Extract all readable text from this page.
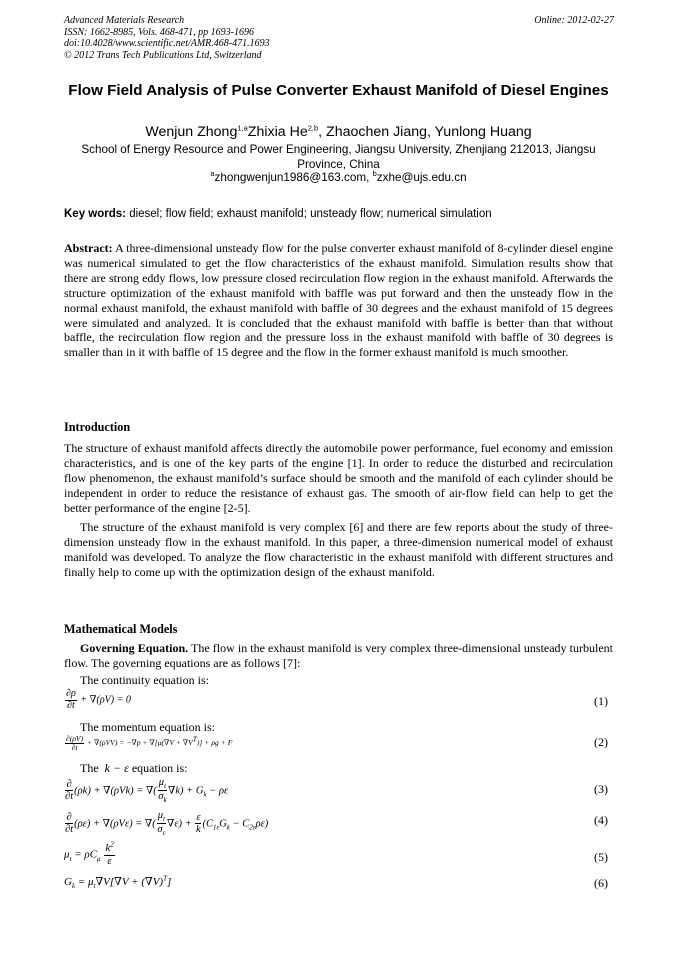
Advanced Materials Research
ISSN: 1662-8985, Vols. 468-471, pp 1693-1696
doi:10.4028/www.scientific.net/AMR.468-471.1693
© 2012 Trans Tech Publications Ltd, Switzerland
Online: 2012-02-27
Flow Field Analysis of Pulse Converter Exhaust Manifold of Diesel Engines
Wenjun Zhong$^{1,a}$Zhixia He$^{2,b}$, Zhaochen Jiang, Yunlong Huang
School of Energy Resource and Power Engineering, Jiangsu University, Zhenjiang 212013, Jiangsu Province, China
$^a$zhongwenjun1986@163.com, $^b$zxhe@ujs.edu.cn
Key words: diesel; flow field; exhaust manifold; unsteady flow; numerical simulation
Abstract: A three-dimensional unsteady flow for the pulse converter exhaust manifold of 8-cylinder diesel engine was numerical simulated to get the flow characteristics of the exhaust manifold. Simulation results show that there are strong eddy flows, low pressure closed recirculation flow region in the exhaust manifold. Afterwards the structure optimization of the exhaust manifold with baffle was put forward and then the unsteady flow in the normal exhaust manifold, the exhaust manifold with baffle of 30 degrees and the exhaust manifold of 15 degrees were simulated and analyzed. It is concluded that the exhaust manifold with baffle is better than that without baffle, the recirculation flow region and the pressure loss in the exhaust manifold with baffle of 30 degrees is smaller than in it with baffle of 15 degree and the flow in the former exhaust manifold is much smoother.
Introduction
The structure of exhaust manifold affects directly the automobile power performance, fuel economy and emission characteristics, and is one of the key parts of the engine [1]. In order to reduce the disturbed and recirculation flow phenomenon, the exhaust manifold’s surface should be smooth and the manifold of each cylinder should be independent in order to reduce the resistance of exhaust gas. The smooth of air-flow field can help to get the better performance of the engine [2-5].
The structure of the exhaust manifold is very complex [6] and there are few reports about the study of three-dimension unsteady flow in the exhaust manifold. In this paper, a three-dimension numerical model of exhaust manifold was developed. To analyze the flow characteristic in the exhaust manifold with different structures and finally help to come up with the optimization design of the exhaust manifold.
Mathematical Models
Governing Equation. The flow in the exhaust manifold is very complex three-dimensional unsteady turbulent flow. The governing equations are as follows [7]:
The continuity equation is:
$\frac{\partial\rho}{\partial t} + \nabla(\rho V) = 0$	(1)
The momentum equation is:
$\frac{\partial(\rho V)}{\partial t} + \nabla(\rho VV) = -\nabla p + \nabla[\mu(\nabla V + \nabla V^T)] + \rho g + F$	(2)
The k − ε equation is:
$\frac{\partial}{\partial t} (\rho k) + \nabla(\rho Vk)$ = ∇( $\frac{\mu_t}{\sigma_k} \nabla k) + G_k - \rho\varepsilon$	(3)
$\frac{\partial}{\partial t} (\rho\varepsilon) + \nabla(\rho V\varepsilon)$ = ∇( $\frac{\mu_t}{\sigma_\varepsilon} \nabla\varepsilon) + \frac{\varepsilon}{k} (C_{1\varepsilon}G_k - C_{2\varepsilon}\rho\varepsilon)$	(4)
$\mu_t = \rho C_\mu \frac{k^2}{\varepsilon}$	(5)
$G_k = \mu_t\nabla V[\nabla V + (\nabla V)^T]$	(6)
